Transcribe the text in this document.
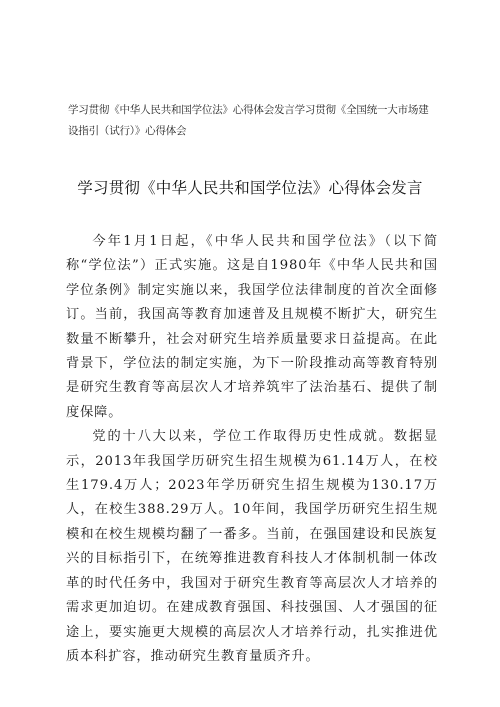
学习贯彻《中华人民共和国学位法》心得体会发言学习贯彻《全国统一大市场建设指引（试行）》心得体会
学习贯彻《中华人民共和国学位法》心得体会发言

今年1月1日起，《中华人民共和国学位法》（以下简称“学位法”）正式实施。这是自1980年《中华人民共和国学位条例》制定实施以来，我国学位法律制度的首次全面修订。当前，我国高等教育加速普及且规模不断扩大，研究生数量不断攀升，社会对研究生培养质量要求日益提高。在此背景下，学位法的制定实施，为下一阶段推动高等教育特别是研究生教育等高层次人才培养筑牢了法治基石、提供了制度保障。

党的十八大以来，学位工作取得历史性成就。数据显示，2013年我国学历研究生招生规模为61.14万人，在校生179.4万人；2023年学历研究生招生规模为130.17万人，在校生388.29万人。10年间，我国学历研究生招生规模和在校生规模均翻了一番多。当前，在强国建设和民族复兴的目标指引下，在统筹推进教育科技人才体制机制一体改革的时代任务中，我国对于研究生教育等高层次人才培养的需求更加迫切。在建成教育强国、科技强国、人才强国的征途上，要实施更大规模的高层次人才培养行动，扎实推进优质本科扩容，推动研究生教育量质齐升。
